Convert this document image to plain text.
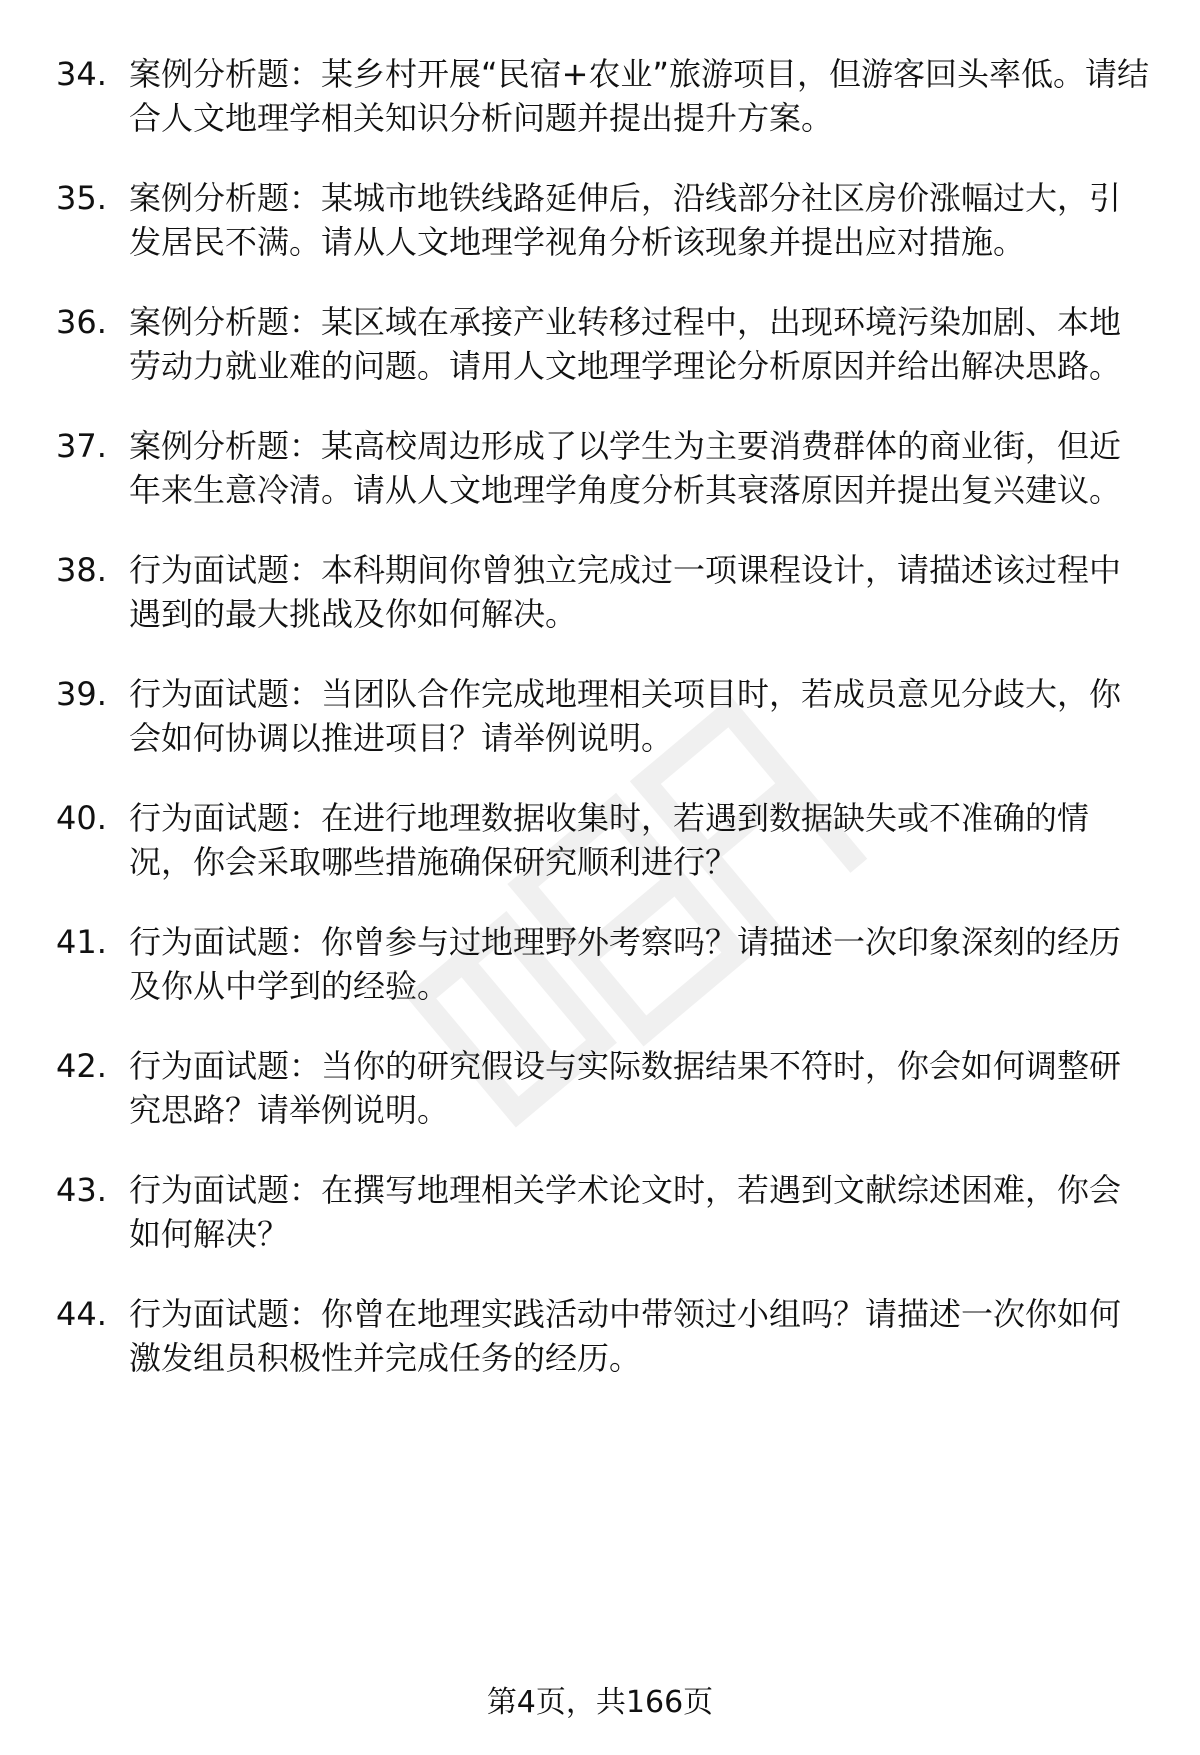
34. 案例分析题：某乡村开展“民宿+农业”旅游项目，但游客回头率低。请结合人文地理学相关知识分析问题并提出提升方案。
35. 案例分析题：某城市地铁线路延伸后，沿线部分社区房价涨幅过大，引发居民不满。请从人文地理学视角分析该现象并提出应对措施。
36. 案例分析题：某区域在承接产业转移过程中，出现环境污染加剧、本地劳动力就业难的问题。请用人文地理学理论分析原因并给出解决思路。
37. 案例分析题：某高校周边形成了以学生为主要消费群体的商业街，但近年来生意冷清。请从人文地理学角度分析其衰落原因并提出复兴建议。
38. 行为面试题：本科期间你曾独立完成过一项课程设计，请描述该过程中遇到的最大挑战及你如何解决。
39. 行为面试题：当团队合作完成地理相关项目时，若成员意见分歧大，你会如何协调以推进项目？请举例说明。
40. 行为面试题：在进行地理数据收集时，若遇到数据缺失或不准确的情况，你会采取哪些措施确保研究顺利进行？
41. 行为面试题：你曾参与过地理野外考察吗？请描述一次印象深刻的经历及你从中学到的经验。
42. 行为面试题：当你的研究假设与实际数据结果不符时，你会如何调整研究思路？请举例说明。
43. 行为面试题：在撰写地理相关学术论文时，若遇到文献综述困难，你会如何解决？
44. 行为面试题：你曾在地理实践活动中带领过小组吗？请描述一次你如何激发组员积极性并完成任务的经历。
第4页，共166页
